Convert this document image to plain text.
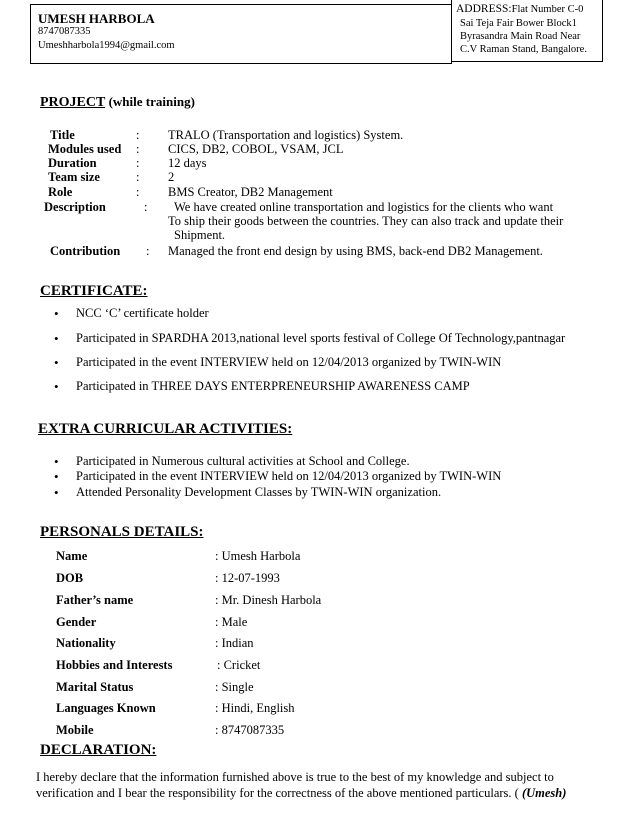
UMESH HARBOLA
8747087335
Umeshharbola1994@gmail.com
ADDRESS:Flat Number C-0
Sai Teja Fair Bower Block1
Byrasandra Main Road Near
C.V Raman Stand, Bangalore.
PROJECT (while training)
Title	: TRALO (Transportation and logistics) System.
Modules used : CICS, DB2, COBOL, VSAM, JCL
Duration	: 12 days
Team size	: 2
Role	: BMS Creator, DB2 Management
Description	: We have created online transportation and logistics for the clients who want
To ship their goods between the countries. They can also track and update their
Shipment.
Contribution : Managed the front end design by using BMS, back-end DB2 Management.
CERTIFICATE:
• NCC ‘C’ certificate holder
• Participated in SPARDHA 2013,national level sports festival of College Of Technology,pantnagar
• Participated in the event INTERVIEW held on 12/04/2013 organized by TWIN-WIN
• Participated in THREE DAYS ENTERPRENEURSHIP AWARENESS CAMP
EXTRA CURRICULAR ACTIVITIES:
• Participated in Numerous cultural activities at School and College.
• Participated in the event INTERVIEW held on 12/04/2013 organized by TWIN-WIN
• Attended Personality Development Classes by TWIN-WIN organization.
PERSONALS DETAILS:
Name	: Umesh Harbola
DOB	: 12-07-1993
Father’s name	: Mr. Dinesh Harbola
Gender	: Male
Nationality	: Indian
Hobbies and Interests	: Cricket
Marital Status	: Single
Languages Known	: Hindi, English
Mobile	: 8747087335
DECLARATION:
I hereby declare that the information furnished above is true to the best of my knowledge and subject to
verification and I bear the responsibility for the correctness of the above mentioned particulars. ( (Umesh)
